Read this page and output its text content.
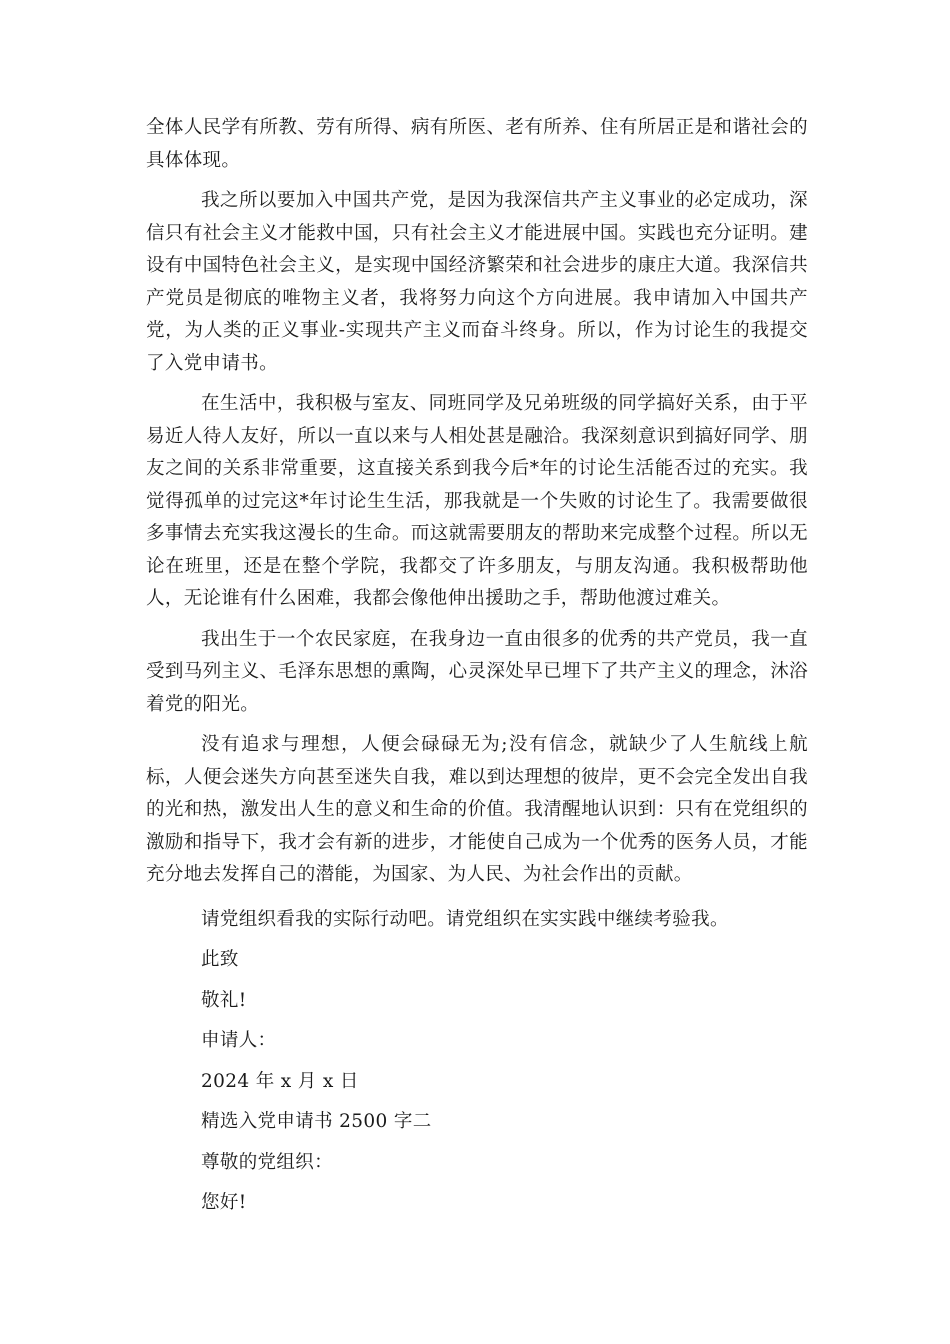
全体人民学有所教、劳有所得、病有所医、老有所养、住有所居正是和谐社会的具体体现。

我之所以要加入中国共产党，是因为我深信共产主义事业的必定成功，深信只有社会主义才能救中国，只有社会主义才能进展中国。实践也充分证明。建设有中国特色社会主义，是实现中国经济繁荣和社会进步的康庄大道。我深信共产党员是彻底的唯物主义者，我将努力向这个方向进展。我申请加入中国共产党，为人类的正义事业-实现共产主义而奋斗终身。所以，作为讨论生的我提交了入党申请书。

在生活中，我积极与室友、同班同学及兄弟班级的同学搞好关系，由于平易近人待人友好，所以一直以来与人相处甚是融洽。我深刻意识到搞好同学、朋友之间的关系非常重要，这直接关系到我今后*年的讨论生活能否过的充实。我觉得孤单的过完这*年讨论生生活，那我就是一个失败的讨论生了。我需要做很多事情去充实我这漫长的生命。而这就需要朋友的帮助来完成整个过程。所以无论在班里，还是在整个学院，我都交了许多朋友，与朋友沟通。我积极帮助他人，无论谁有什么困难，我都会像他伸出援助之手，帮助他渡过难关。

我出生于一个农民家庭，在我身边一直由很多的优秀的共产党员，我一直受到马列主义、毛泽东思想的熏陶，心灵深处早已埋下了共产主义的理念，沐浴着党的阳光。

没有追求与理想，人便会碌碌无为;没有信念，就缺少了人生航线上航标，人便会迷失方向甚至迷失自我，难以到达理想的彼岸，更不会完全发出自我的光和热，激发出人生的意义和生命的价值。我清醒地认识到：只有在党组织的激励和指导下，我才会有新的进步，才能使自己成为一个优秀的医务人员，才能充分地去发挥自己的潜能，为国家、为人民、为社会作出的贡献。

请党组织看我的实际行动吧。请党组织在实实践中继续考验我。

此致

敬礼!

申请人：

2024 年 x 月 x 日

精选入党申请书 2500 字二

尊敬的党组织：

您好!
